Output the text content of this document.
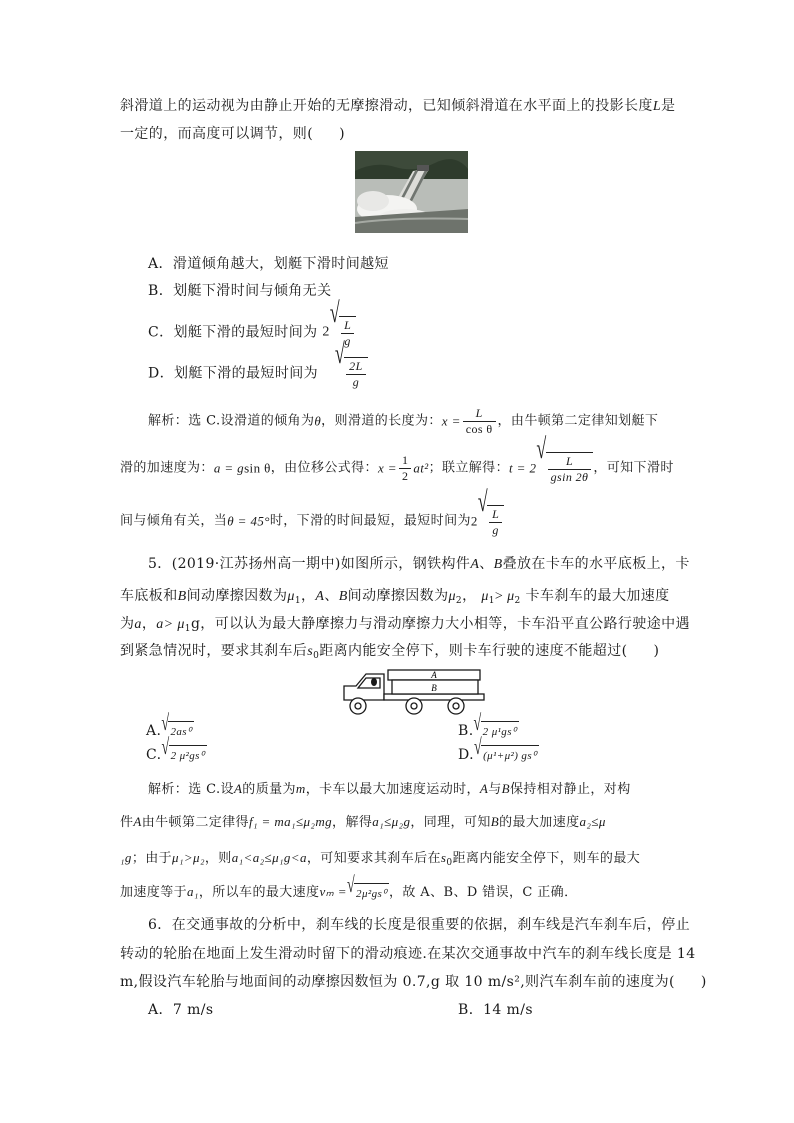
斜滑道上的运动视为由静止开始的无摩擦滑动，已知倾斜滑道在水平面上的投影长度L是
一定的，而高度可以调节，则( )
A．滑道倾角越大，划艇下滑时间越短
B．划艇下滑时间与倾角无关
C．划艇下滑的最短时间为 2
√
$\frac{L}{g}$
D．划艇下滑的最短时间为
√
$\frac{2L}{g}$
解析：选 C.设滑道的倾角为θ，则滑道的长度为：$x = \frac{L}{\text{cos θ}}$ ，由牛顿第二定律知划艇下
滑的加速度为：a = gsin θ，由位移公式得：$x = \frac{1}{2} at^2$；联立解得：t = 2
√
$\frac{L}{gsin 2\theta}$ ，可知下滑时
间与倾角有关，当θ = 45°时，下滑的时间最短，最短时间为2
√
$\frac{L}{g}$
5．(2019·江苏扬州高一期中)如图所示，钢铁构件A、B叠放在卡车的水平底板上，卡
车底板和B间动摩擦因数为$\mu_1$，A、B间动摩擦因数为$\mu_2$， $\mu_1> \mu_2$ 卡车刹车的最大加速度
为a，$a> \mu_1g$，可以认为最大静摩擦力与滑动摩擦力大小相等，卡车沿平直公路行驶途中遇
到紧急情况时，要求其刹车后$s_0$距离内能安全停下，则卡车行驶的速度不能超过( )
A
B
A. √ 2as⁰	B. √ 2 μ¹gs⁰
C. √ 2 μ²gs⁰	D. √ (μ¹+μ²) gs⁰
解析：选 C.设A的质量为m，卡车以最大加速度运动时，A与B保持相对静止，对构
件A由牛顿第二定律得f₁ = ma₁≤μ₂mg，解得a₁≤μ₂g，同理，可知B的最大加速度a₂≤μ
₁g；由于μ₁>μ₂，则a₁<a₂≤μ₁g<a，可知要求其刹车后在$s_0$距离内能安全停下，则车的最大
加速度等于a₁，所以车的最大速度vₘ = √ 2μ²gs⁰ ，故 A、B、D 错误，C 正确．
6．在交通事故的分析中，刹车线的长度是很重要的依据，刹车线是汽车刹车后，停止
转动的轮胎在地面上发生滑动时留下的滑动痕迹.在某次交通事故中汽车的刹车线长度是 14
m,假设汽车轮胎与地面间的动摩擦因数恒为 0.7,g 取 10 m/s²,则汽车刹车前的速度为( )
A．7 m/s	B．14 m/s
